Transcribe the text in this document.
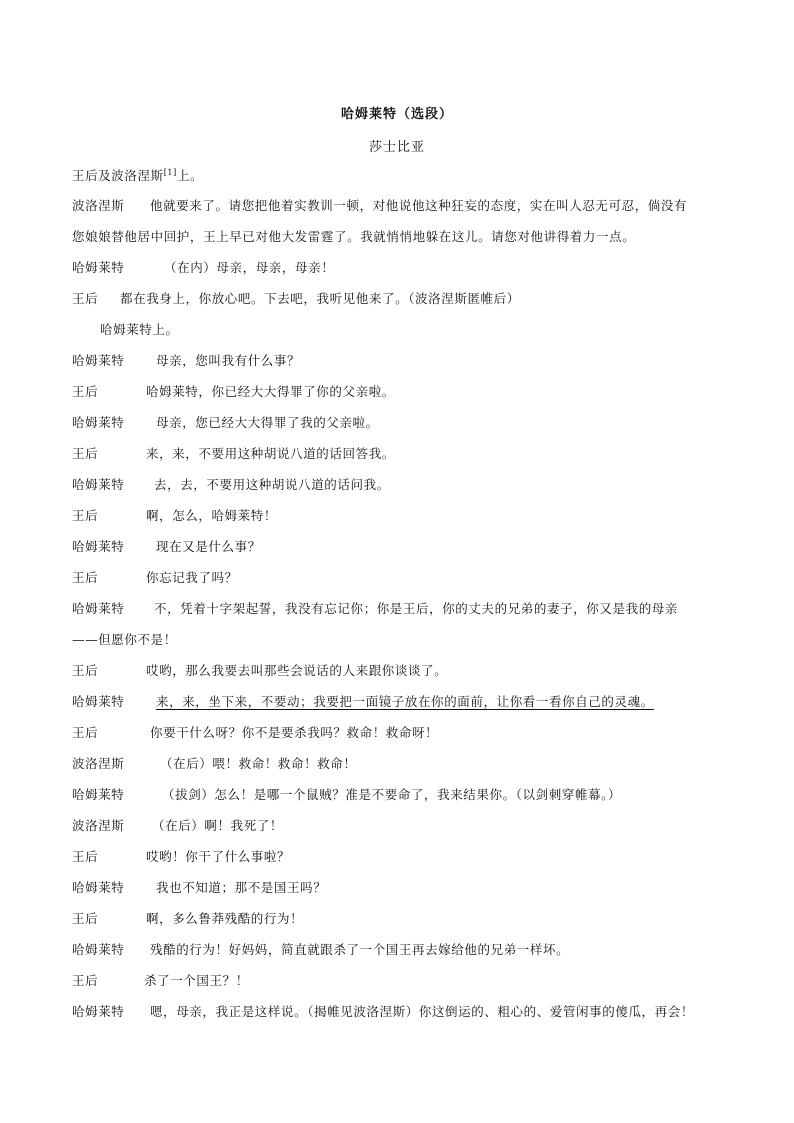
哈姆莱特（选段）
莎士比亚
王后及波洛涅斯[1]上。
波洛涅斯 他就要来了。请您把他着实教训一顿，对他说他这种狂妄的态度，实在叫人忍无可忍，倘没有
您娘娘替他居中回护，王上早已对他大发雷霆了。我就悄悄地躲在这儿。请您对他讲得着力一点。
哈姆莱特	（在内）母亲，母亲，母亲！
王后 都在我身上，你放心吧。下去吧，我听见他来了。（波洛涅斯匿帷后）
哈姆莱特上。
哈姆莱特	母亲，您叫我有什么事？
王后	哈姆莱特，你已经大大得罪了你的父亲啦。
哈姆莱特	母亲，您已经大大得罪了我的父亲啦。
王后	来，来，不要用这种胡说八道的话回答我。
哈姆莱特 去，去，不要用这种胡说八道的话问我。
王后	啊，怎么，哈姆莱特！
哈姆莱特	现在又是什么事？
王后	你忘记我了吗？
哈姆莱特 不，凭着十字架起誓，我没有忘记你；你是王后，你的丈夫的兄弟的妻子，你又是我的母亲
——但愿你不是！
王后	哎哟，那么我要去叫那些会说话的人来跟你谈谈了。
哈姆莱特	来，来，坐下来，不要动；我要把一面镜子放在你的面前，让你看一看你自己的灵魂。
王后	你要干什么呀？你不是要杀我吗？救命！救命呀！
波洛涅斯	（在后）喂！救命！救命！救命！
哈姆莱特	（拔剑）怎么！是哪一个鼠贼？准是不要命了，我来结果你。（以剑刺穿帷幕。）
波洛涅斯 （在后）啊！我死了！
王后	哎哟！你干了什么事啦？
哈姆莱特	我也不知道；那不是国王吗？
王后	啊，多么鲁莽残酷的行为！
哈姆莱特 残酷的行为！好妈妈，简直就跟杀了一个国王再去嫁给他的兄弟一样坏。
王后	杀了一个国王？！
哈姆莱特 嗯，母亲，我正是这样说。（揭帷见波洛涅斯）你这倒运的、粗心的、爱管闲事的傻瓜，再会！
